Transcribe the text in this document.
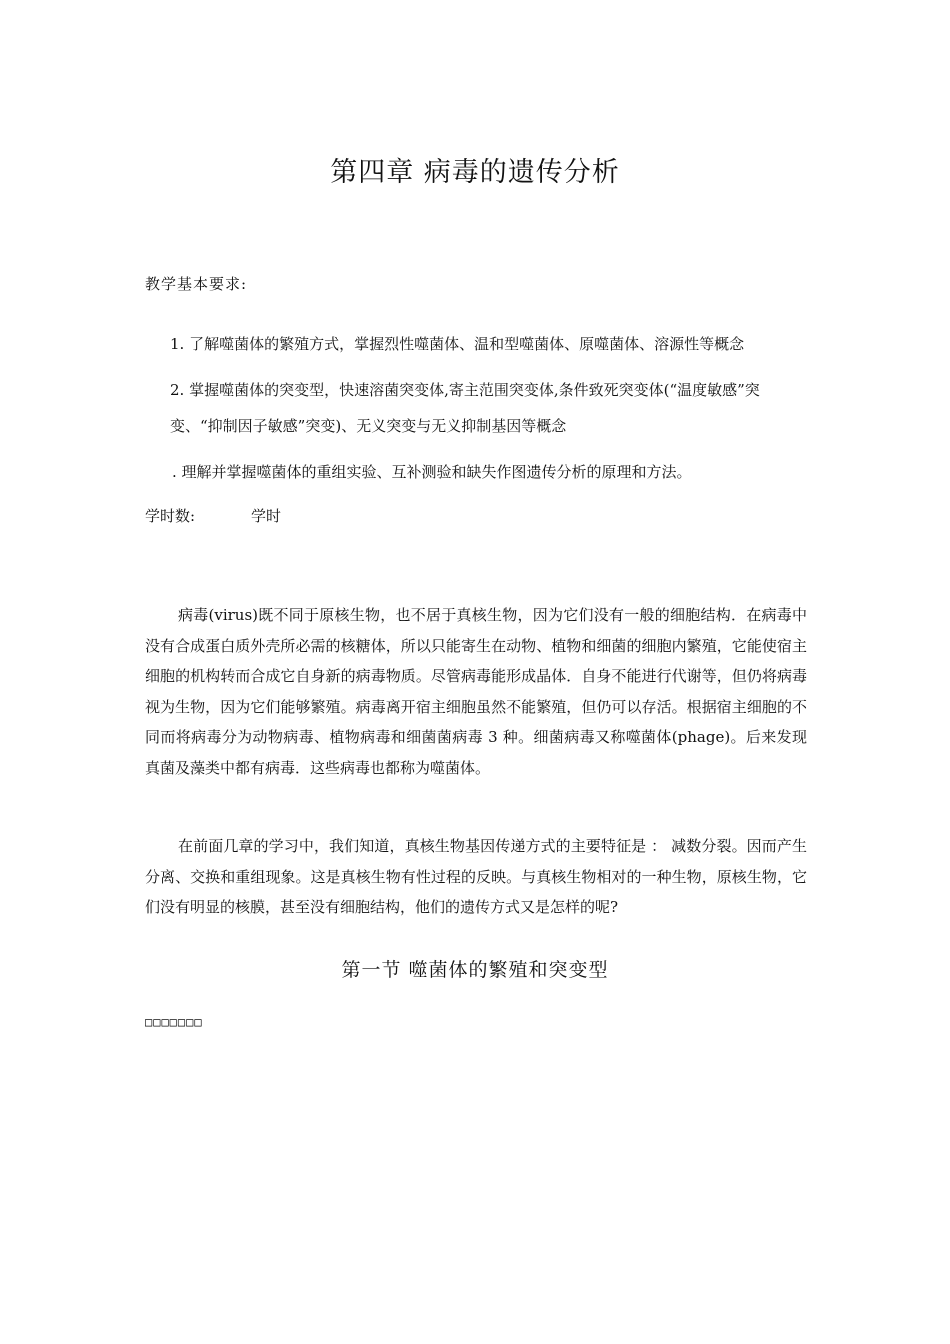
第四章 病毒的遗传分析
教学基本要求:
1. 了解噬菌体的繁殖方式，掌握烈性噬菌体、温和型噬菌体、原噬菌体、溶源性等概念
2. 掌握噬菌体的突变型，快速溶菌突变体,寄主范围突变体,条件致死突变体(“温度敏感”突
变、“抑制因子敏感”突变)、无义突变与无义抑制基因等概念
. 理解并掌握噬菌体的重组实验、互补测验和缺失作图遗传分析的原理和方法。
学时数:	学时
病毒(virus)既不同于原核生物，也不居于真核生物，因为它们没有一般的细胞结构．在病毒中没有合成蛋白质外壳所必需的核糖体，所以只能寄生在动物、植物和细菌的细胞内繁殖，它能使宿主细胞的机构转而合成它自身新的病毒物质。尽管病毒能形成晶体．自身不能进行代谢等，但仍将病毒视为生物，因为它们能够繁殖。病毒离开宿主细胞虽然不能繁殖，但仍可以存活。根据宿主细胞的不同而将病毒分为动物病毒、植物病毒和细菌菌病毒 3 种。细菌病毒又称噬菌体(phage)。后来发现真菌及藻类中都有病毒．这些病毒也都称为噬菌体。
在前面几章的学习中，我们知道，真核生物基因传递方式的主要特征是 ： 减数分裂。因而产生分离、交换和重组现象。这是真核生物有性过程的反映。与真核生物相对的一种生物，原核生物，它们没有明显的核膜，甚至没有细胞结构，他们的遗传方式又是怎样的呢?
第一节 噬菌体的繁殖和突变型
□□□□□□□
